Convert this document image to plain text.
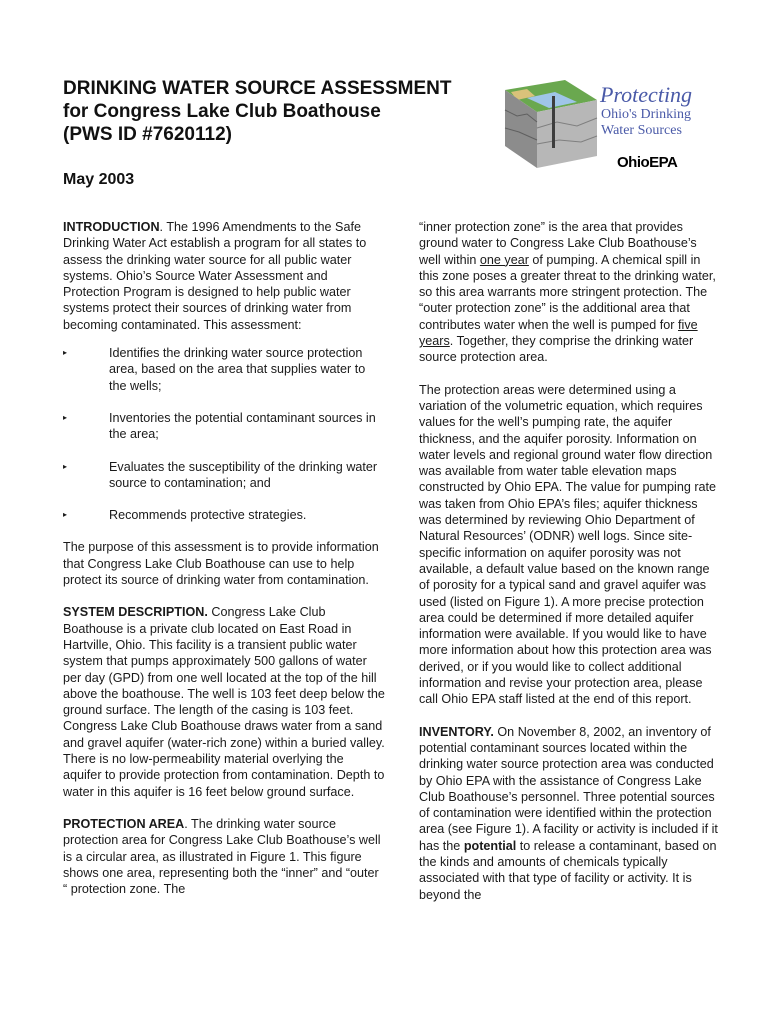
DRINKING WATER SOURCE ASSESSMENT
for Congress Lake Club Boathouse
(PWS ID #7620112)
May 2003
Protecting
Ohio's Drinking
Water Sources
OhioEPA

INTRODUCTION. The 1996 Amendments to the Safe Drinking Water Act establish a program for all states to assess the drinking water source for all public water systems. Ohio’s Source Water Assessment and Protection Program is designed to help public water systems protect their sources of drinking water from becoming contaminated. This assessment:

▸	Identifies the drinking water source protection area, based on the area that supplies water to the wells;
▸	Inventories the potential contaminant sources in the area;
▸	Evaluates the susceptibility of the drinking water source to contamination; and
▸	Recommends protective strategies.

The purpose of this assessment is to provide information that Congress Lake Club Boathouse can use to help protect its source of drinking water from contamination.

SYSTEM DESCRIPTION. Congress Lake Club Boathouse is a private club located on East Road in Hartville, Ohio. This facility is a transient public water system that pumps approximately 500 gallons of water per day (GPD) from one well located at the top of the hill above the boathouse. The well is 103 feet deep below the ground surface. The length of the casing is 103 feet. Congress Lake Club Boathouse draws water from a sand and gravel aquifer (water-rich zone) within a buried valley. There is no low-permeability material overlying the aquifer to provide protection from contamination. Depth to water in this aquifer is 16 feet below ground surface.

PROTECTION AREA. The drinking water source protection area for Congress Lake Club Boathouse’s well is a circular area, as illustrated in Figure 1. This figure shows one area, representing both the “inner” and “outer “ protection zone. The

“inner protection zone” is the area that provides ground water to Congress Lake Club Boathouse’s well within one year of pumping. A chemical spill in this zone poses a greater threat to the drinking water, so this area warrants more stringent protection. The “outer protection zone” is the additional area that contributes water when the well is pumped for five years. Together, they comprise the drinking water source protection area.

The protection areas were determined using a variation of the volumetric equation, which requires values for the well’s pumping rate, the aquifer thickness, and the aquifer porosity. Information on water levels and regional ground water flow direction was available from water table elevation maps constructed by Ohio EPA. The value for pumping rate was taken from Ohio EPA’s files; aquifer thickness was determined by reviewing Ohio Department of Natural Resources’ (ODNR) well logs. Since site-specific information on aquifer porosity was not available, a default value based on the known range of porosity for a typical sand and gravel aquifer was used (listed on Figure 1). A more precise protection area could be determined if more detailed aquifer information were available. If you would like to have more information about how this protection area was derived, or if you would like to collect additional information and revise your protection area, please call Ohio EPA staff listed at the end of this report.

INVENTORY. On November 8, 2002, an inventory of potential contaminant sources located within the drinking water source protection area was conducted by Ohio EPA with the assistance of Congress Lake Club Boathouse’s personnel. Three potential sources of contamination were identified within the protection area (see Figure 1). A facility or activity is included if it has the potential to release a contaminant, based on the kinds and amounts of chemicals typically associated with that type of facility or activity. It is beyond the
